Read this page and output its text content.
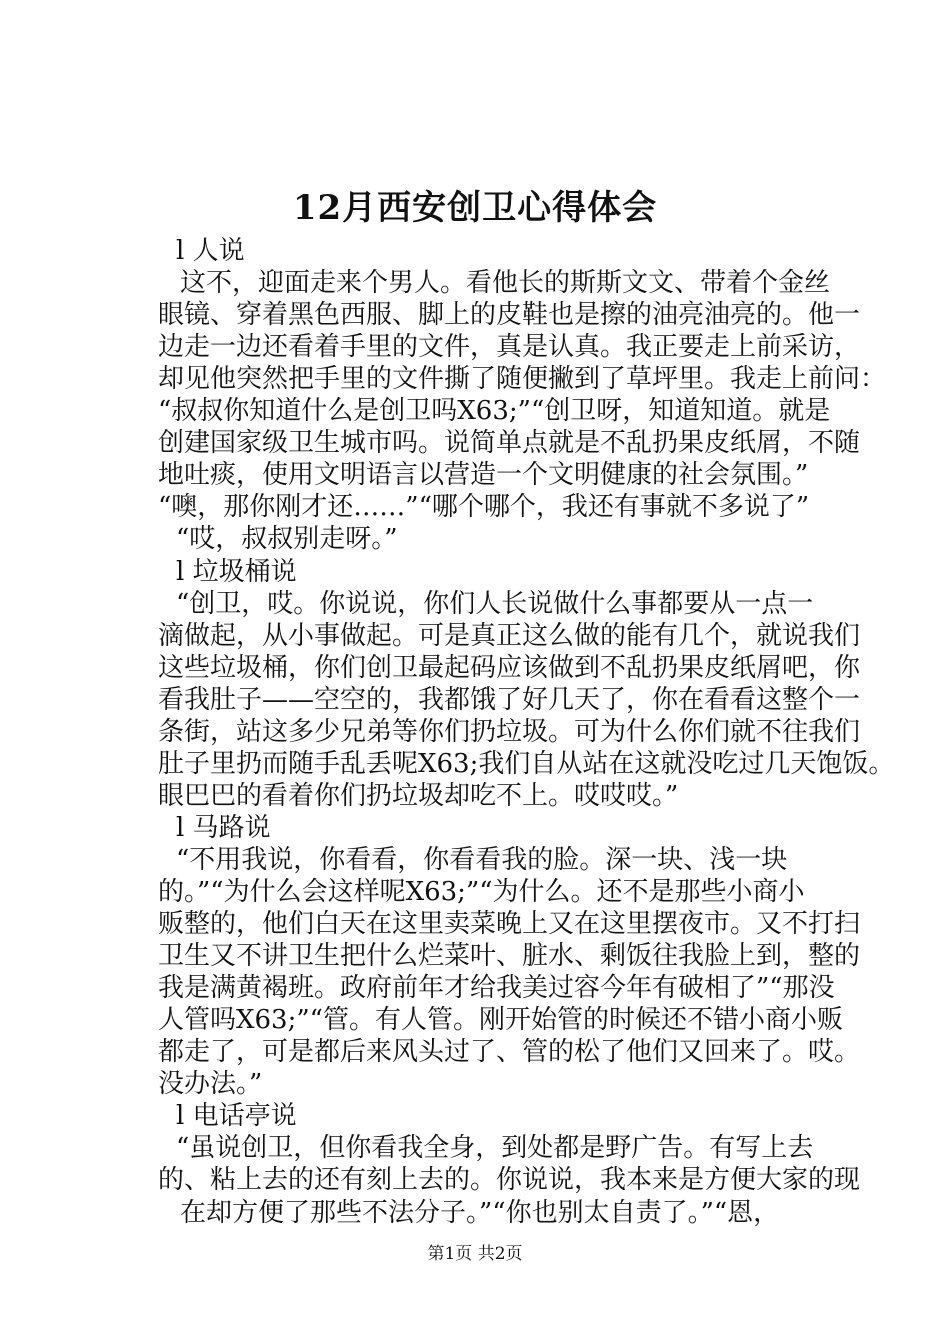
12月西安创卫心得体会
l 人说
这不，迎面走来个男人。看他长的斯斯文文、带着个金丝
眼镜、穿着黑色西服、脚上的皮鞋也是擦的油亮油亮的。他一
边走一边还看着手里的文件，真是认真。我正要走上前采访，
却见他突然把手里的文件撕了随便撇到了草坪里。我走上前问：
“叔叔你知道什么是创卫吗X63;”“创卫呀，知道知道。就是
创建国家级卫生城市吗。说简单点就是不乱扔果皮纸屑，不随
地吐痰，使用文明语言以营造一个文明健康的社会氛围。”
“噢，那你刚才还……”“哪个哪个，我还有事就不多说了”
“哎，叔叔别走呀。”
l 垃圾桶说
“创卫，哎。你说说，你们人长说做什么事都要从一点一
滴做起，从小事做起。可是真正这么做的能有几个，就说我们
这些垃圾桶，你们创卫最起码应该做到不乱扔果皮纸屑吧，你
看我肚子——空空的，我都饿了好几天了，你在看看这整个一
条街，站这多少兄弟等你们扔垃圾。可为什么你们就不往我们
肚子里扔而随手乱丢呢X63;我们自从站在这就没吃过几天饱饭。
眼巴巴的看着你们扔垃圾却吃不上。哎哎哎。”
l 马路说
“不用我说，你看看，你看看我的脸。深一块、浅一块
的。”“为什么会这样呢X63;”“为什么。还不是那些小商小
贩整的，他们白天在这里卖菜晚上又在这里摆夜市。又不打扫
卫生又不讲卫生把什么烂菜叶、脏水、剩饭往我脸上到，整的
我是满黄褐班。政府前年才给我美过容今年有破相了”“那没
人管吗X63;”“管。有人管。刚开始管的时候还不错小商小贩
都走了，可是都后来风头过了、管的松了他们又回来了。哎。
没办法。”
l 电话亭说
“虽说创卫，但你看我全身，到处都是野广告。有写上去
的、粘上去的还有刻上去的。你说说，我本来是方便大家的现
在却方便了那些不法分子。”“你也别太自责了。”“恩，
第1页 共2页
